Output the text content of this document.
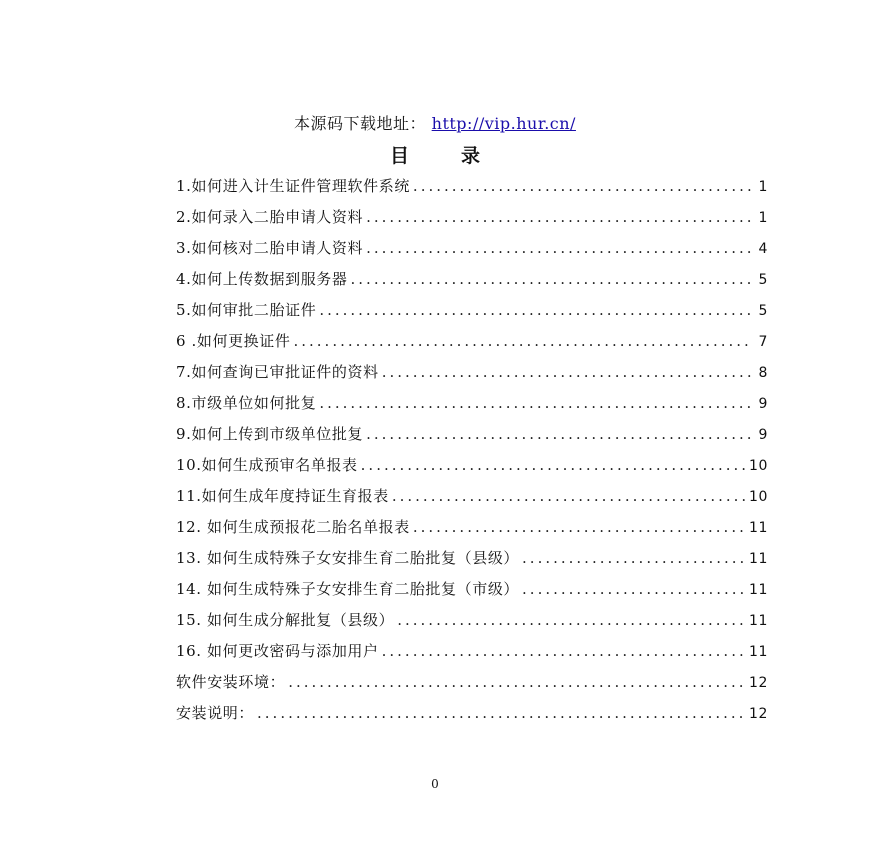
本源码下载地址： http://vip.hur.cn/
目录
1.如何进入计生证件管理软件系统 .....	1
2.如何录入二胎申请人资料 .....	1
3.如何核对二胎申请人资料 .....	4
4.如何上传数据到服务器 .....	5
5.如何审批二胎证件 .....	5
6 .如何更换证件 .....	7
7.如何查询已审批证件的资料 .....	8
8.市级单位如何批复 .....	9
9.如何上传到市级单位批复 .....	9
10.如何生成预审名单报表 .....	10
11.如何生成年度持证生育报表 .....	10
12. 如何生成预报花二胎名单报表 .....	11
13. 如何生成特殊子女安排生育二胎批复（县级） .....	11
14. 如何生成特殊子女安排生育二胎批复（市级） .....	11
15. 如何生成分解批复（县级） .....	11
16. 如何更改密码与添加用户 .....	11
软件安装环境： .....	12
安装说明： .....	12
0
